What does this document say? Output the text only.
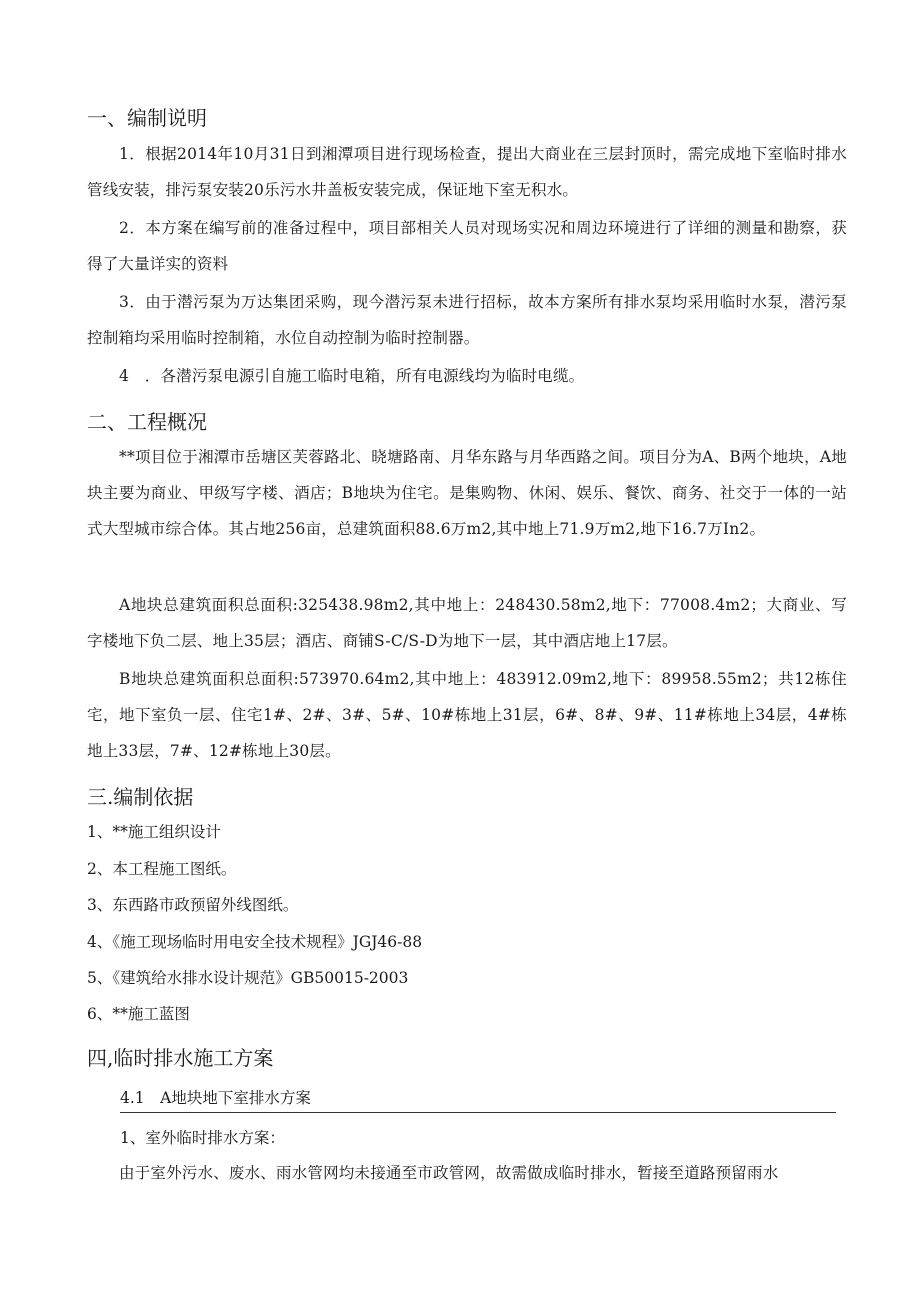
一、编制说明
1．根据2014年10月31日到湘潭项目进行现场检查，提出大商业在三层封顶时，需完成地下室临时排水管线安装，排污泵安装20乐污水井盖板安装完成，保证地下室无积水。
2．本方案在编写前的准备过程中，项目部相关人员对现场实况和周边环境进行了详细的测量和勘察，获得了大量详实的资料
3．由于潜污泵为万达集团采购，现今潜污泵未进行招标，故本方案所有排水泵均采用临时水泵，潜污泵控制箱均采用临时控制箱，水位自动控制为临时控制器。
4　．各潜污泵电源引自施工临时电箱，所有电源线均为临时电缆。
二、工程概况
**项目位于湘潭市岳塘区芙蓉路北、晓塘路南、月华东路与月华西路之间。项目分为A、B两个地块，A地块主要为商业、甲级写字楼、酒店；B地块为住宅。是集购物、休闲、娱乐、餐饮、商务、社交于一体的一站式大型城市综合体。其占地256亩，总建筑面积88.6万m2,其中地上71.9万m2,地下16.7万In2。
A地块总建筑面积总面积:325438.98m2,其中地上：248430.58m2,地下：77008.4m2；大商业、写字楼地下负二层、地上35层；酒店、商铺S-C/S-D为地下一层，其中酒店地上17层。
B地块总建筑面积总面积:573970.64m2,其中地上：483912.09m2,地下：89958.55m2；共12栋住宅，地下室负一层、住宅1#、2#、3#、5#、10#栋地上31层，6#、8#、9#、11#栋地上34层，4#栋地上33层，7#、12#栋地上30层。
三.编制依据
1、**施工组织设计
2、本工程施工图纸。
3、东西路市政预留外线图纸。
4、《施工现场临时用电安全技术规程》JGJ46-88
5、《建筑给水排水设计规范》GB50015-2003
6、**施工蓝图
四,临时排水施工方案
4.1　A地块地下室排水方案
1、室外临时排水方案：
由于室外污水、废水、雨水管网均未接通至市政管网，故需做成临时排水，暂接至道路预留雨水
